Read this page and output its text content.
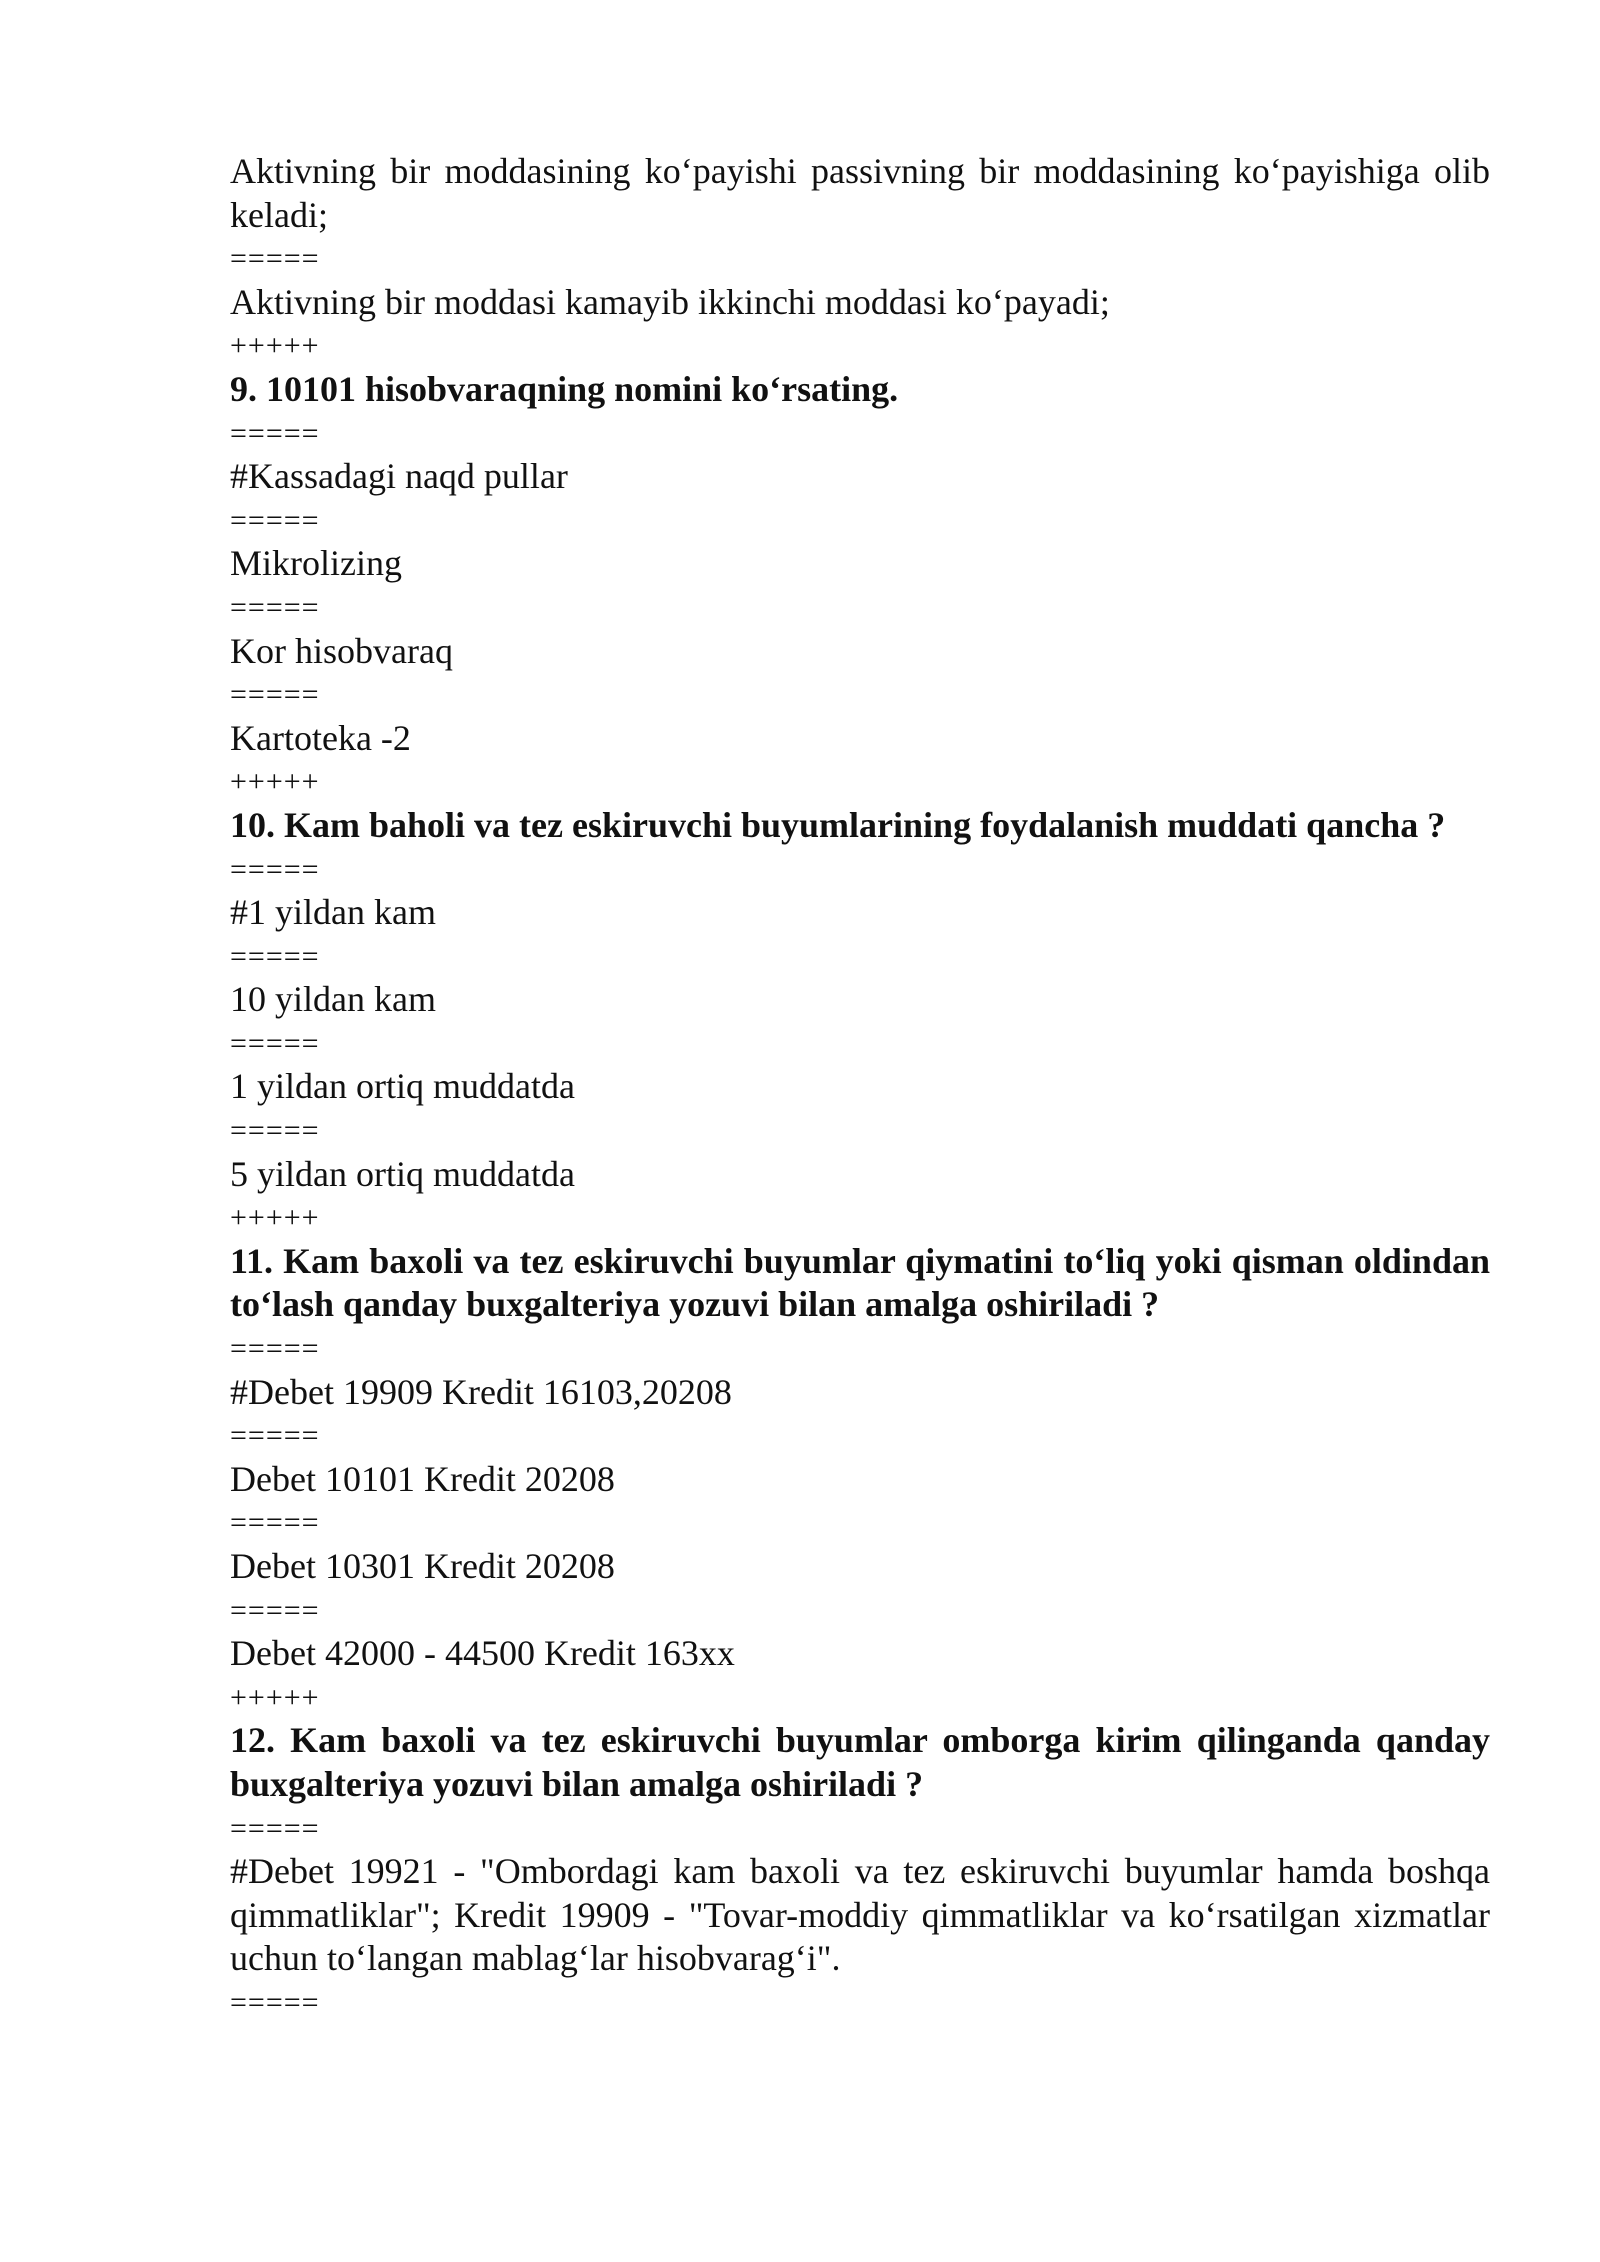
Aktivning bir moddasining ko‘payishi passivning bir moddasining ko‘payishiga olib keladi;
=====
Aktivning bir moddasi kamayib ikkinchi moddasi ko‘payadi;
+++++
9. 10101 hisobvaraqning nomini ko‘rsating.
=====
#Kassadagi naqd pullar
=====
Mikrolizing
=====
Kor hisobvaraq
=====
Kartoteka -2
+++++
10. Kam baholi va tez eskiruvchi buyumlarining foydalanish muddati qancha ?
=====
#1 yildan kam
=====
10 yildan kam
=====
1 yildan ortiq muddatda
=====
5 yildan ortiq muddatda
+++++
11. Kam baxoli va tez eskiruvchi buyumlar qiymatini to‘liq yoki qisman oldindan to‘lash qanday buxgalteriya yozuvi bilan amalga oshiriladi ?
=====
#Debet 19909 Kredit 16103,20208
=====
Debet 10101 Kredit 20208
=====
Debet 10301 Kredit 20208
=====
Debet 42000 - 44500 Kredit 163xx
+++++
12. Kam baxoli va tez eskiruvchi buyumlar omborga kirim qilinganda qanday buxgalteriya yozuvi bilan amalga oshiriladi ?
=====
#Debet 19921 - "Ombordagi kam baxoli va tez eskiruvchi buyumlar hamda boshqa qimmatliklar"; Kredit 19909 - "Tovar-moddiy qimmatliklar va ko‘rsatilgan xizmatlar uchun to‘langan mablag‘lar hisobvarag‘i".
=====
